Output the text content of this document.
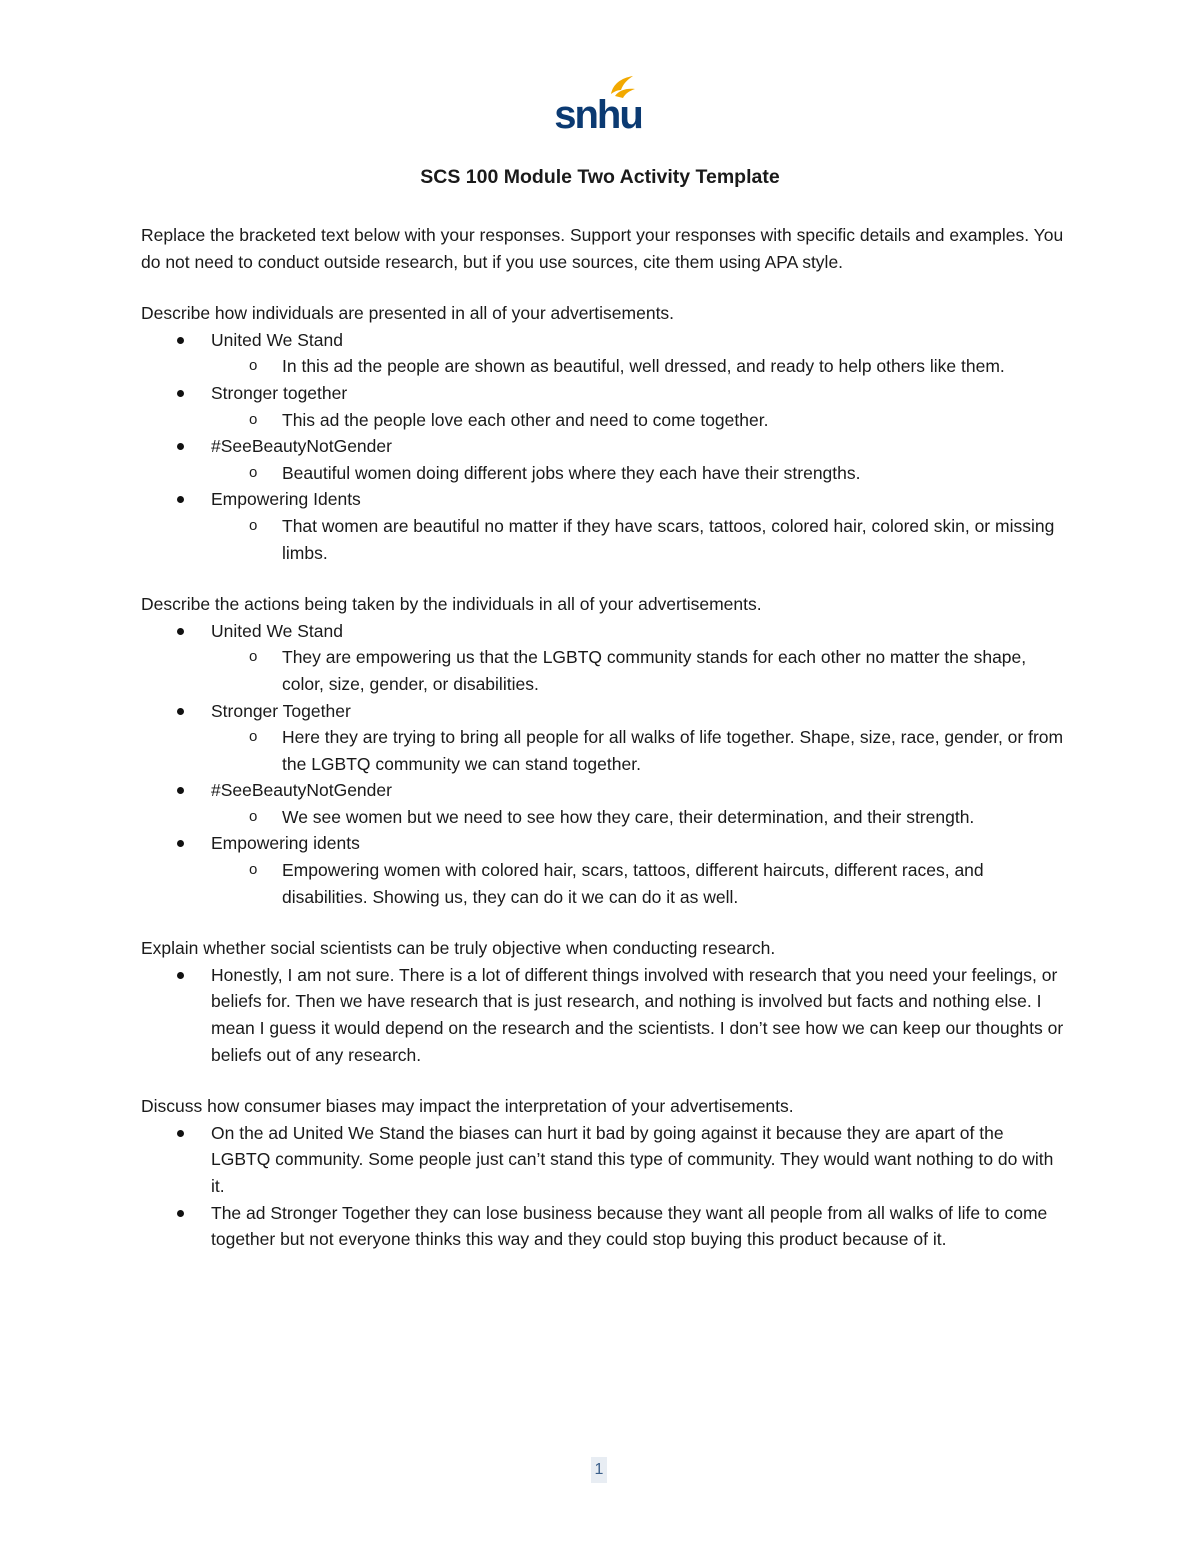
snhu
SCS 100 Module Two Activity Template

Replace the bracketed text below with your responses. Support your responses with specific details and examples. You do not need to conduct outside research, but if you use sources, cite them using APA style.

Describe how individuals are presented in all of your advertisements.

United We Stand
o In this ad the people are shown as beautiful, well dressed, and ready to help others like them.
Stronger together
o This ad the people love each other and need to come together.
#SeeBeautyNotGender
o Beautiful women doing different jobs where they each have their strengths.
Empowering Idents
o That women are beautiful no matter if they have scars, tattoos, colored hair, colored skin, or missing limbs.

Describe the actions being taken by the individuals in all of your advertisements.

United We Stand
o They are empowering us that the LGBTQ community stands for each other no matter the shape, color, size, gender, or disabilities.
Stronger Together
o Here they are trying to bring all people for all walks of life together. Shape, size, race, gender, or from the LGBTQ community we can stand together.
#SeeBeautyNotGender
o We see women but we need to see how they care, their determination, and their strength.
Empowering idents
o Empowering women with colored hair, scars, tattoos, different haircuts, different races, and disabilities. Showing us, they can do it we can do it as well.

Explain whether social scientists can be truly objective when conducting research.

Honestly, I am not sure. There is a lot of different things involved with research that you need your feelings, or beliefs for. Then we have research that is just research, and nothing is involved but facts and nothing else. I mean I guess it would depend on the research and the scientists. I don’t see how we can keep our thoughts or beliefs out of any research.

Discuss how consumer biases may impact the interpretation of your advertisements.

On the ad United We Stand the biases can hurt it bad by going against it because they are apart of the LGBTQ community. Some people just can’t stand this type of community. They would want nothing to do with it.
The ad Stronger Together they can lose business because they want all people from all walks of life to come together but not everyone thinks this way and they could stop buying this product because of it.
1
